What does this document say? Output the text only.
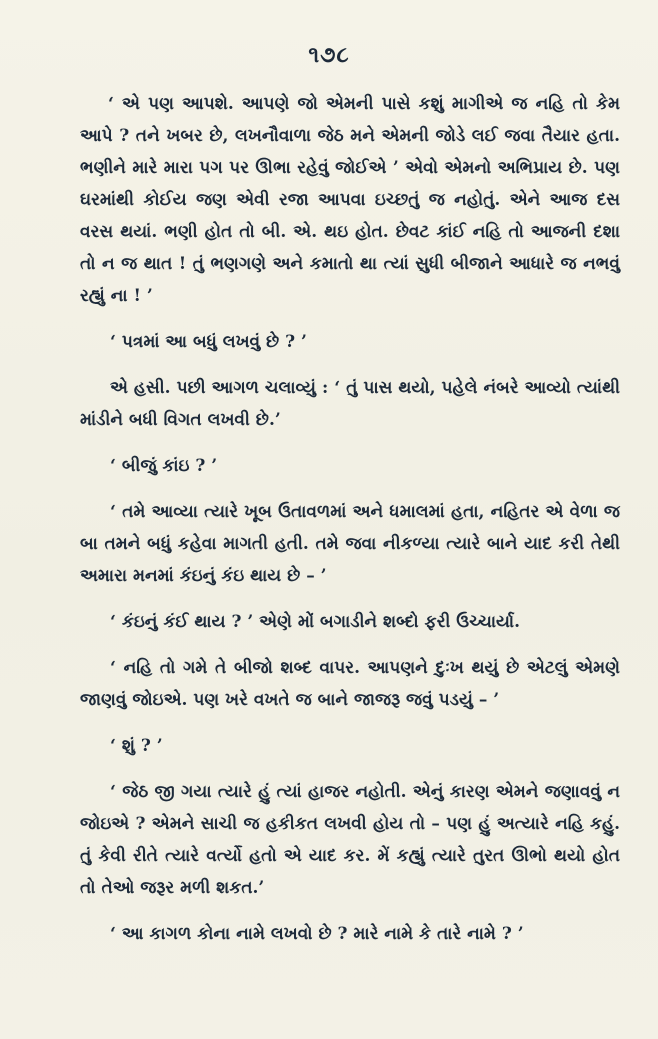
૧૭૮

‘ એ પણ આપશે. આપણે જો એમની પાસે કશું માગીએ જ નહિ તો કેમ આપે ? તને ખબર છે, લખનૌવાળા જેઠ મને એમની જોડે લઈ જવા તૈયાર હતા. ભણીને મારે મારા પગ પર ઊભા રહેવું જોઈએ ’ એવો એમનો અભિપ્રાય છે. પણ ઘરમાંથી કોઈય જણ એવી રજા આપવા ઇચ્છતું જ નહોતું. એને આજ દસ વરસ થયાં. ભણી હોત તો બી. એ. થઇ હોત. છેવટ કાંઈ નહિ તો આજની દશા તો ન જ થાત ! તું ભણગણે અને કમાતો થા ત્યાં સુધી બીજાને આધારે જ નભવું રહ્યું ના ! ’

‘ પત્રમાં આ બધું લખવું છે ? ’

એ હસી. પછી આગળ ચલાવ્યું : ‘ તું પાસ થયો, પહેલે નંબરે આવ્યો ત્યાંથી માંડીને બધી વિગત લખવી છે.’

‘ બીજું કાંઇ ? ’

‘ તમે આવ્યા ત્યારે ખૂબ ઉતાવળમાં અને ધમાલમાં હતા, નહિતર એ વેળા જ બા તમને બધું કહેવા માગતી હતી. તમે જવા નીકળ્યા ત્યારે બાને યાદ કરી તેથી અમારા મનમાં કંઇનું કંઇ થાય છે – ’

‘ કંઇનું કંઈ થાય ? ’ એણે મોં બગાડીને શબ્દો ફરી ઉચ્ચાર્યા.

‘ નહિ તો ગમે તે બીજો શબ્દ વાપર. આપણને દુઃખ થયું છે એટલું એમણે જાણવું જોઇએ. પણ ખરે વખતે જ બાને જાજરૂ જવું પડયું – ’

‘ શું ? ’

‘ જેઠ જી ગયા ત્યારે હું ત્યાં હાજર નહોતી. એનું કારણ એમને જણાવવું ન જોઇએ ? એમને સાચી જ હકીકત લખવી હોય તો – પણ હું અત્યારે નહિ કહું. તું કેવી રીતે ત્યારે વર્ત્યો હતો એ યાદ કર. મેં કહ્યું ત્યારે તુરત ઊભો થયો હોત તો તેઓ જરૂર મળી શકત.’

‘ આ કાગળ કોના નામે લખવો છે ? મારે નામે કે તારે નામે ? ’
